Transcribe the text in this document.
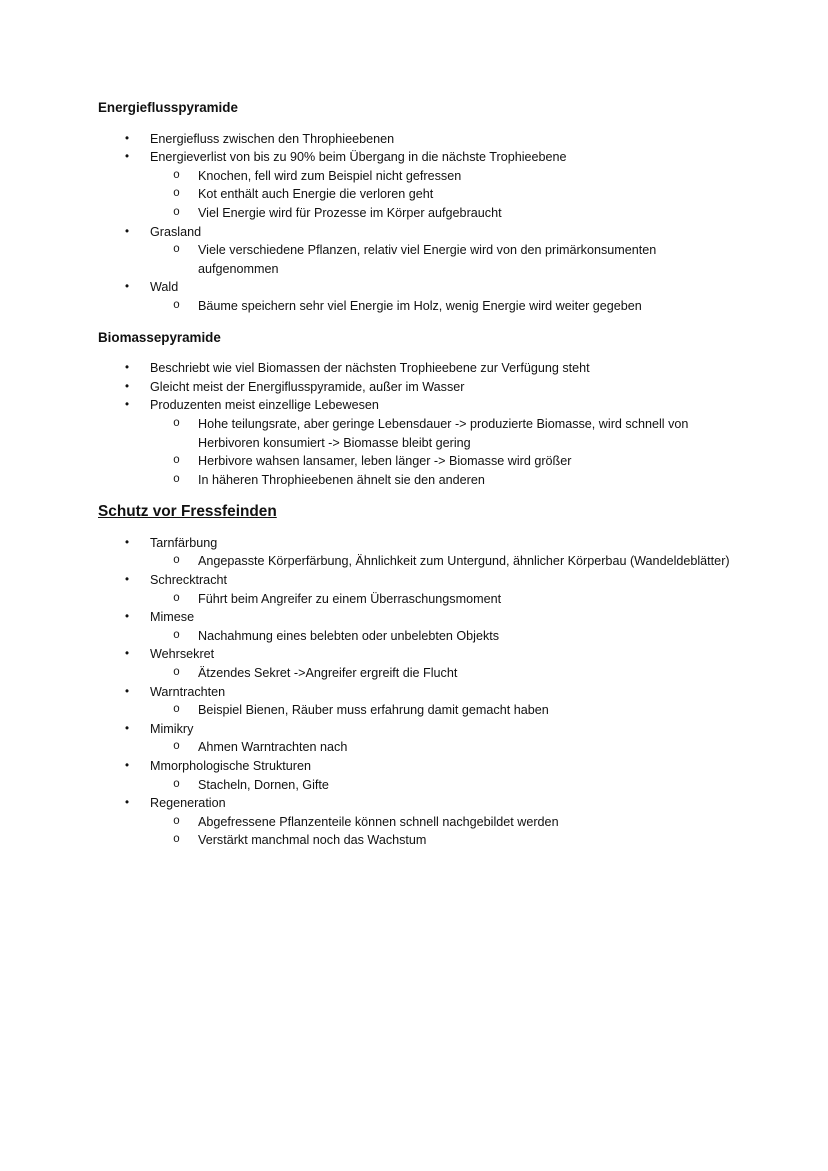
Energieflusspyramide
•	Energiefluss zwischen den Throphieebenen
•	Energieverlist von bis zu 90% beim Übergang in die nächste Trophieebene
o	Knochen, fell wird zum Beispiel nicht gefressen
o	Kot enthält auch Energie die verloren geht
o	Viel Energie wird für Prozesse im Körper aufgebraucht
•	Grasland
o	Viele verschiedene Pflanzen, relativ viel Energie wird von den primärkonsumenten aufgenommen
•	Wald
o	Bäume speichern sehr viel Energie im Holz, wenig Energie wird weiter gegeben
Biomassepyramide
•	Beschriebt wie viel Biomassen der nächsten Trophieebene zur Verfügung steht
•	Gleicht meist der Energiflusspyramide, außer im Wasser
•	Produzenten meist einzellige Lebewesen
o	Hohe teilungsrate, aber geringe Lebensdauer -> produzierte Biomasse, wird schnell von Herbivoren konsumiert -> Biomasse bleibt gering
o	Herbivore wahsen lansamer, leben länger -> Biomasse wird größer
o	In häheren Throphieebenen ähnelt sie den anderen
Schutz vor Fressfeinden
•	Tarnfärbung
o	Angepasste Körperfärbung, Ähnlichkeit zum Untergund, ähnlicher Körperbau (Wandeldeblätter)
•	Schrecktracht
o	Führt beim Angreifer zu einem Überraschungsmoment
•	Mimese
o	Nachahmung eines belebten oder unbelebten Objekts
•	Wehrsekret
o	Ätzendes Sekret ->Angreifer ergreift die Flucht
•	Warntrachten
o	Beispiel Bienen, Räuber muss erfahrung damit gemacht haben
•	Mimikry
o	Ahmen Warntrachten nach
•	Mmorphologische Strukturen
o	Stacheln, Dornen, Gifte
•	Regeneration
o	Abgefressene Pflanzenteile können schnell nachgebildet werden
o	Verstärkt manchmal noch das Wachstum
